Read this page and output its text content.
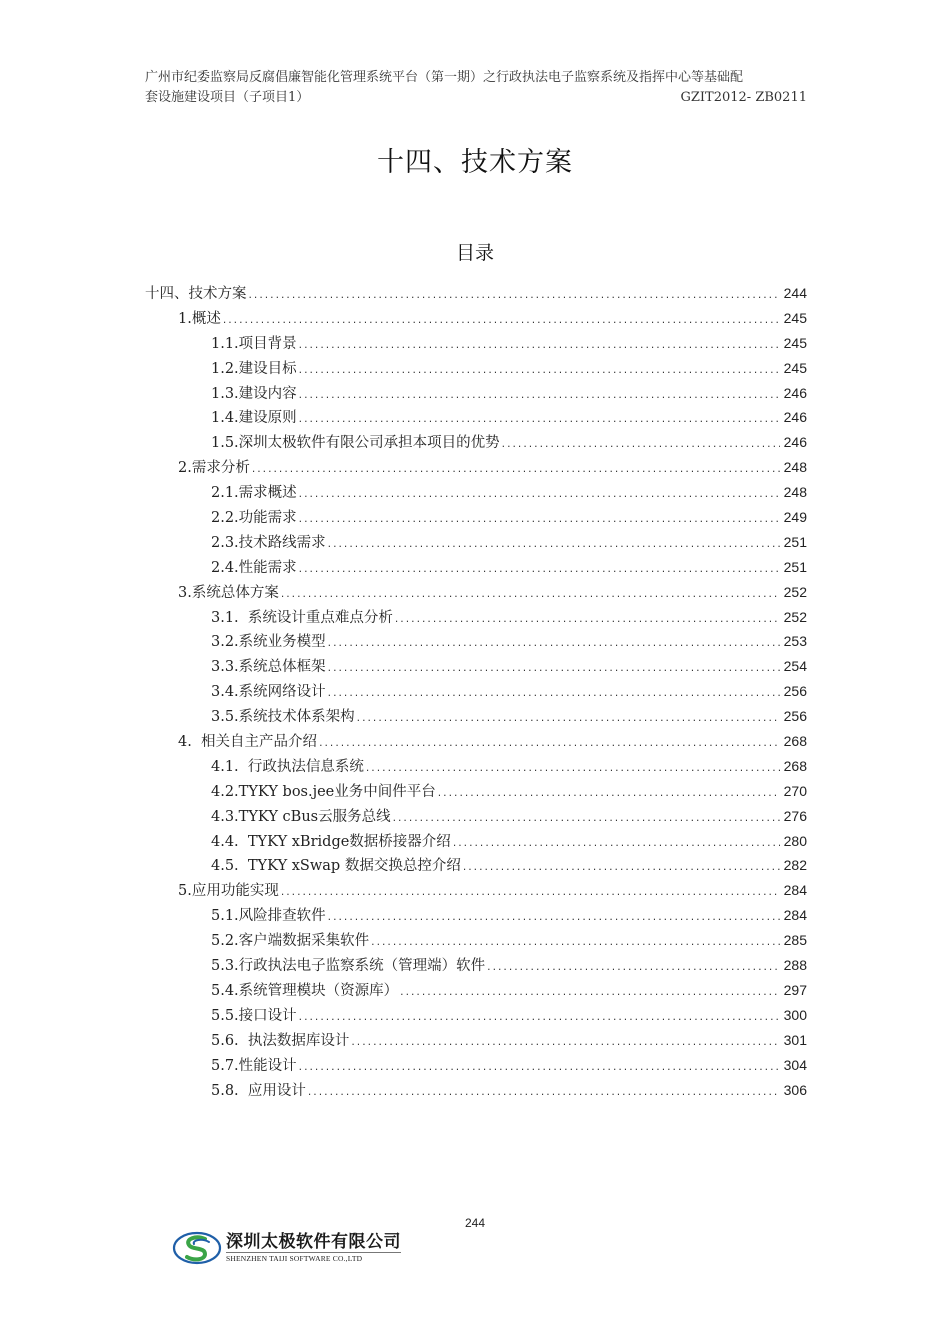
广州市纪委监察局反腐倡廉智能化管理系统平台（第一期）之行政执法电子监察系统及指挥中心等基础配
套设施建设项目（子项目1）	GZIT2012- ZB0211
十四、技术方案
目录
十四、技术方案 .....	244
1.概述 .....	245
1.1.项目背景 .....	245
1.2.建设目标 .....	245
1.3.建设内容 .....	246
1.4.建设原则 .....	246
1.5.深圳太极软件有限公司承担本项目的优势 .....	246
2.需求分析 .....	248
2.1.需求概述 .....	248
2.2.功能需求 .....	249
2.3.技术路线需求 .....	251
2.4.性能需求 .....	251
3.系统总体方案 .....	252
3.1.  系统设计重点难点分析 .....	252
3.2.系统业务模型 .....	253
3.3.系统总体框架 .....	254
3.4.系统网络设计 .....	256
3.5.系统技术体系架构 .....	256
4.  相关自主产品介绍 .....	268
4.1.  行政执法信息系统 .....	268
4.2.TYKY bos.jee业务中间件平台 .....	270
4.3.TYKY cBus云服务总线 .....	276
4.4.  TYKY xBridge数据桥接器介绍 .....	280
4.5.  TYKY xSwap 数据交换总控介绍 .....	282
5.应用功能实现 .....	284
5.1.风险排查软件 .....	284
5.2.客户端数据采集软件 .....	285
5.3.行政执法电子监察系统（管理端）软件 .....	288
5.4.系统管理模块（资源库） .....	297
5.5.接口设计 .....	300
5.6.  执法数据库设计 .....	301
5.7.性能设计 .....	304
5.8.  应用设计 .....	306
244
深圳太极软件有限公司
SHENZHEN TAIJI SOFTWARE CO.,LTD
